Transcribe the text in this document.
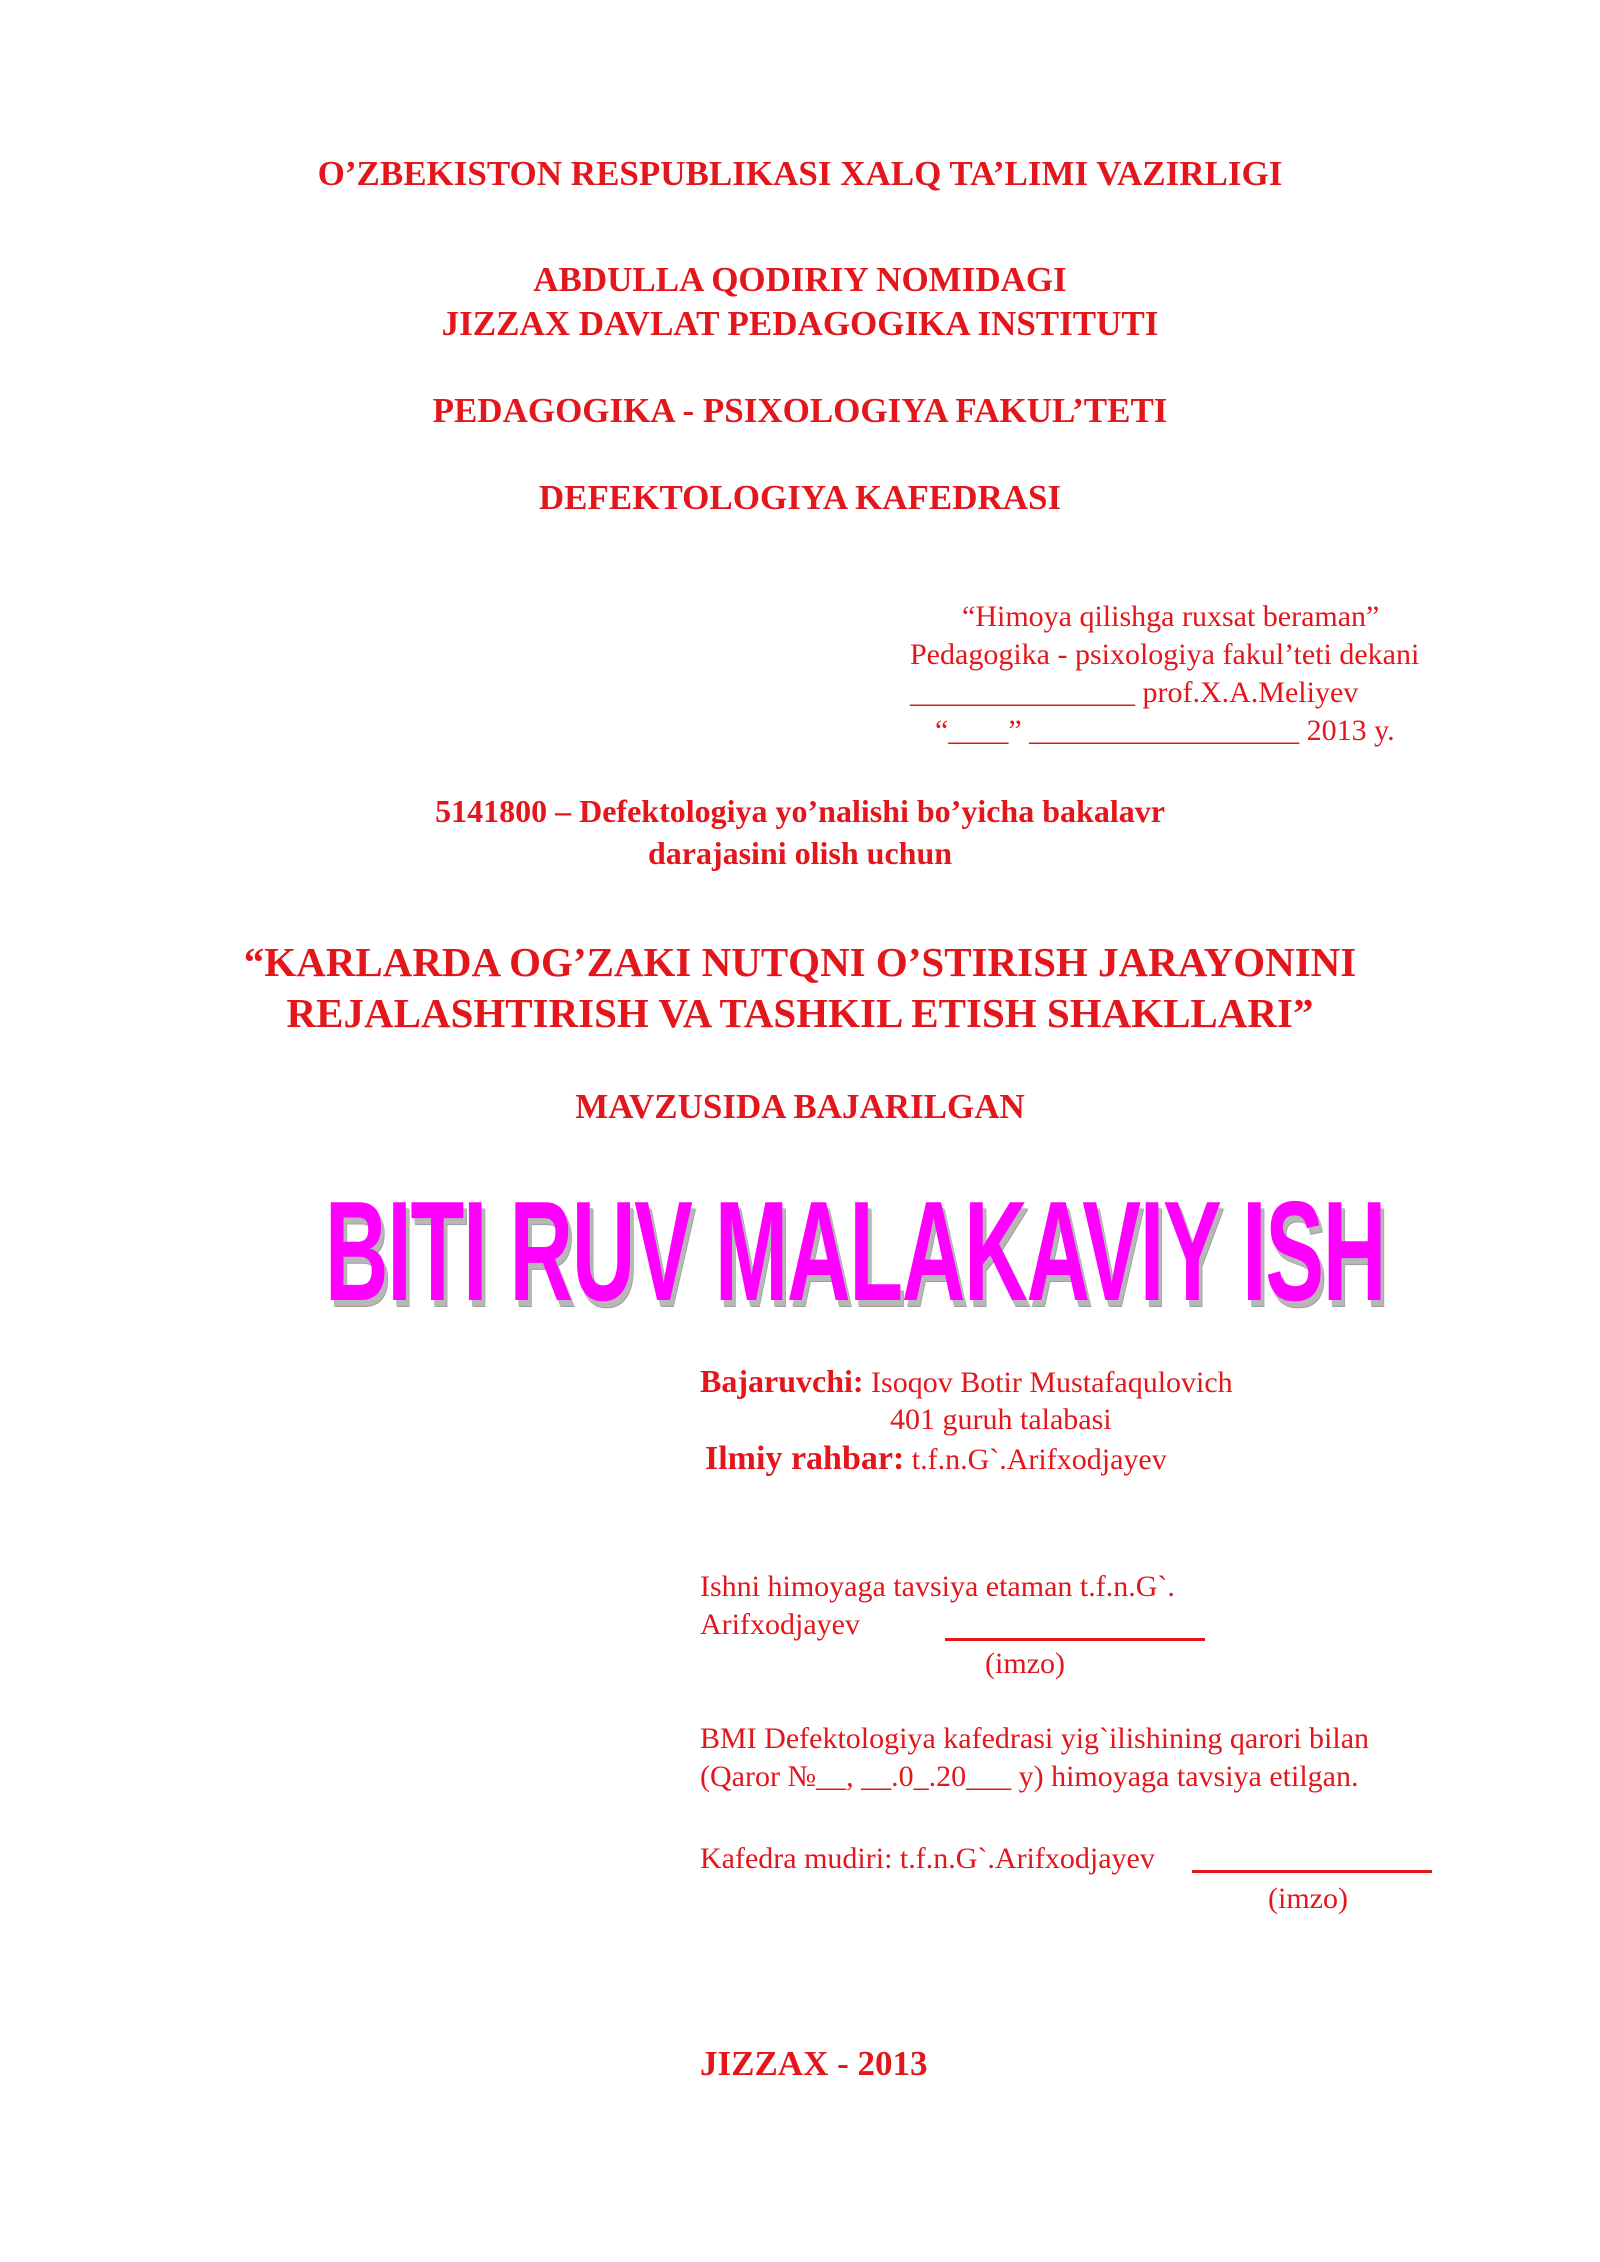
O’ZBEKISTON RESPUBLIKASI XALQ TA’LIMI VAZIRLIGI
ABDULLA QODIRIY NOMIDAGI
JIZZAX DAVLAT PEDAGOGIKA INSTITUTI
PEDAGOGIKA - PSIXOLOGIYA FAKUL’TETI
DEFEKTOLOGIYA KAFEDRASI
“Himoya qilishga ruxsat beraman”
Pedagogika - psixologiya fakul’teti dekani
_______________ prof.X.A.Meliyev
“____” __________________ 2013 y.
5141800 – Defektologiya yo’nalishi bo’yicha bakalavr
darajasini olish uchun
“KARLARDA OG’ZAKI NUTQNI O’STIRISH JARAYONINI
REJALASHTIRISH VA TASHKIL ETISH SHAKLLARI”
MAVZUSIDA BAJARILGAN
BITI RUV MALAKAVIY ISH
Bajaruvchi: Isoqov Botir Mustafaqulovich
401 guruh talabasi
Ilmiy rahbar: t.f.n.G`.Arifxodjayev
Ishni himoyaga tavsiya etaman t.f.n.G`.
Arifxodjayev
(imzo)
BMI Defektologiya kafedrasi yig`ilishining qarori bilan
(Qaror №__, __.0_.20___ y) himoyaga tavsiya etilgan.
Kafedra mudiri: t.f.n.G`.Arifxodjayev
(imzo)
JIZZAX - 2013
